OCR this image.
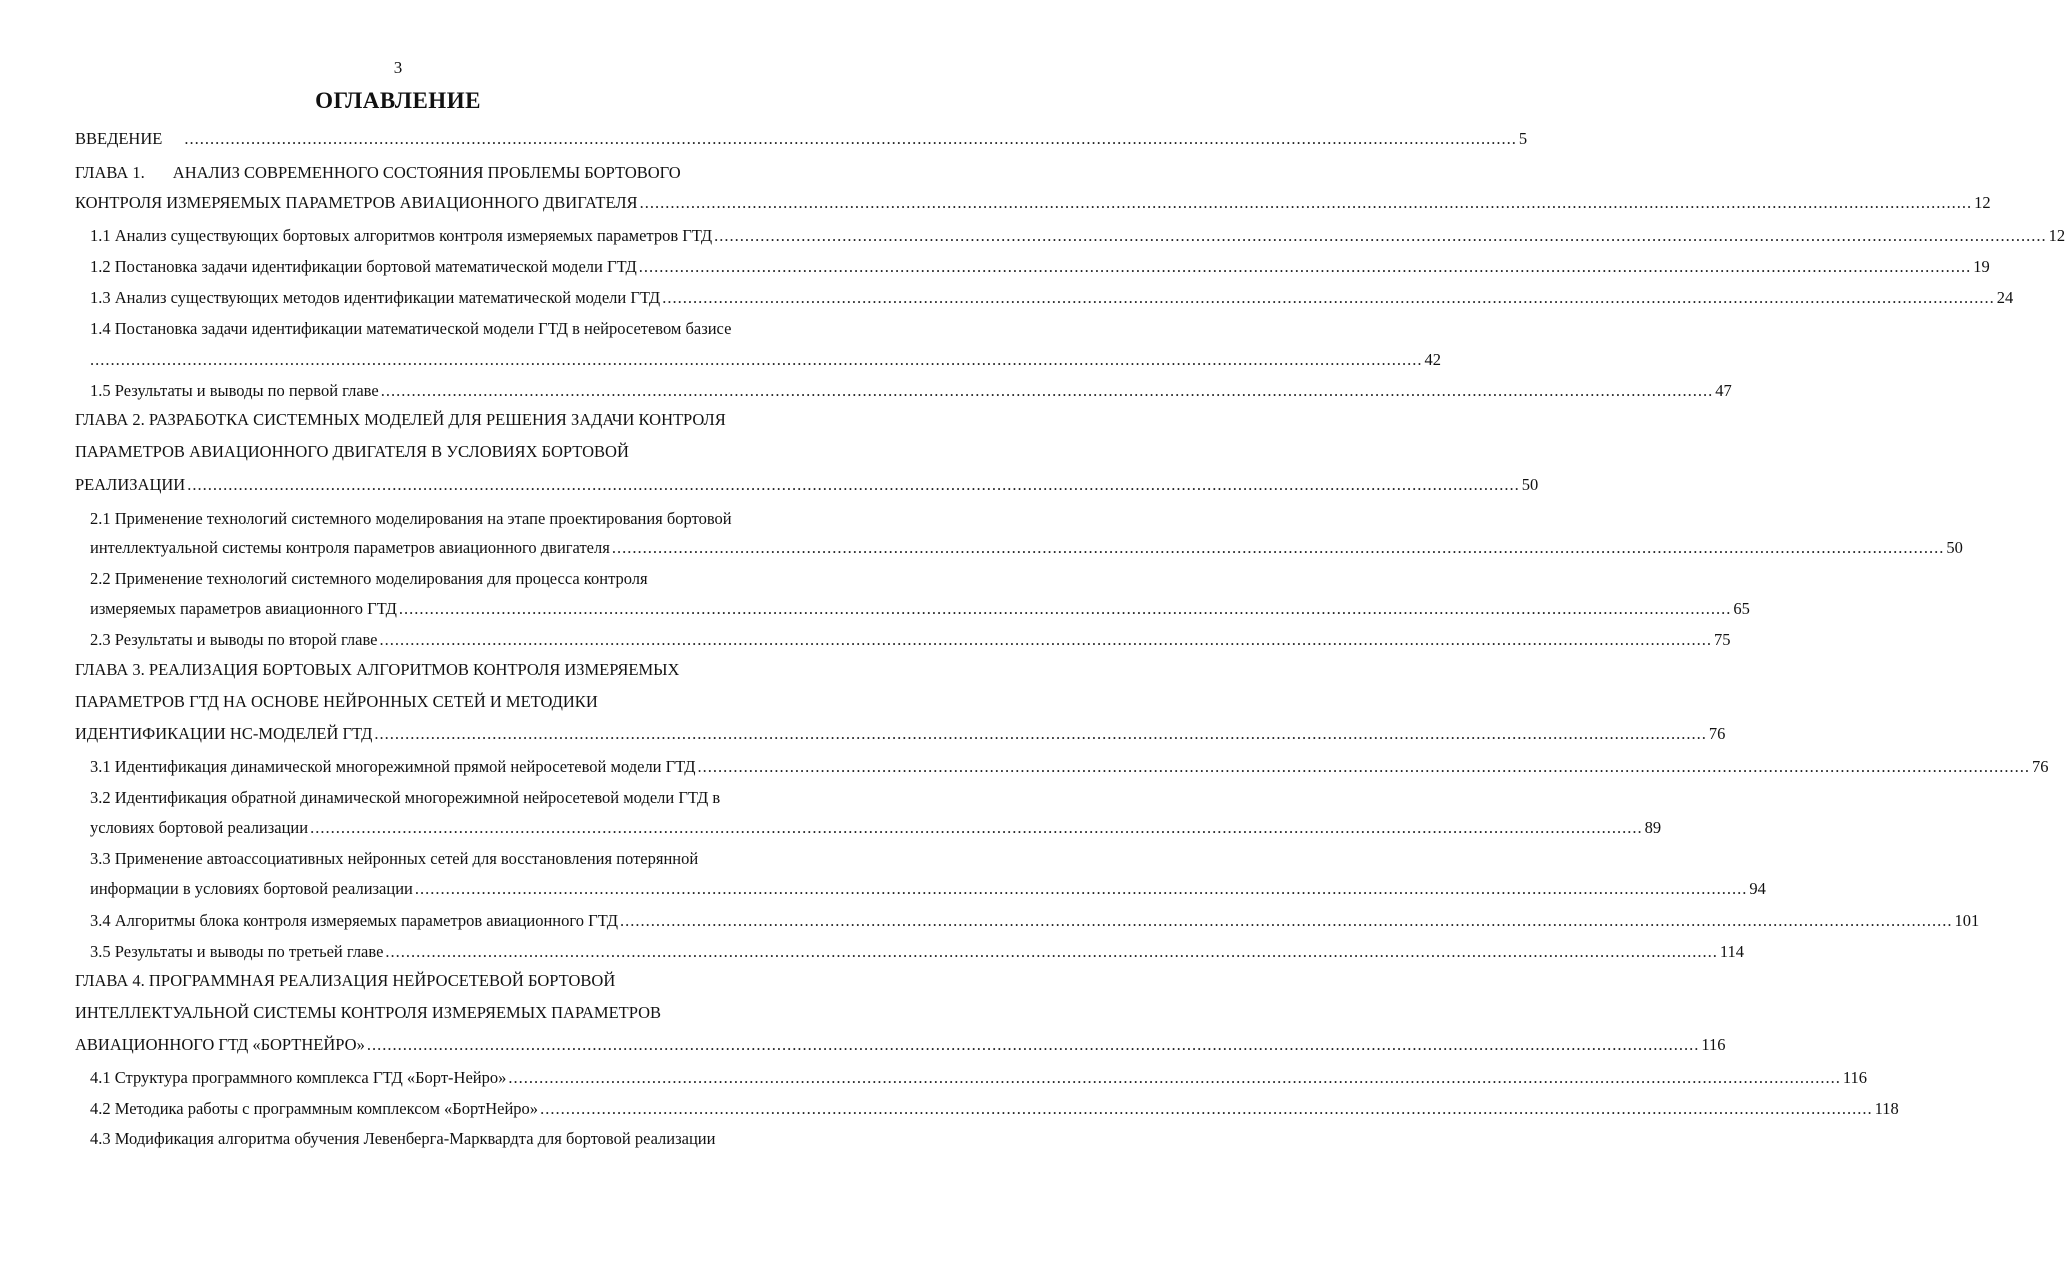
3
ОГЛАВЛЕНИЕ
ВВЕДЕНИЕ .................................................................................................................................................................................................................................................................... 5
ГЛАВА 1. АНАЛИЗ СОВРЕМЕННОГО СОСТОЯНИЯ ПРОБЛЕМЫ БОРТОВОГО
КОНТРОЛЯ ИЗМЕРЯЕМЫХ ПАРАМЕТРОВ АВИАЦИОННОГО ДВИГАТЕЛЯ .................................................................................................................................................................................................................................................................... 12
1.1 Анализ существующих бортовых алгоритмов контроля измеряемых параметров ГТД .................................................................................................................................................................................................................................................................... 12
1.2 Постановка задачи идентификации бортовой математической модели ГТД .................................................................................................................................................................................................................................................................... 19
1.3 Анализ существующих методов идентификации математической модели ГТД .................................................................................................................................................................................................................................................................... 24
1.4 Постановка задачи идентификации математической модели ГТД в нейросетевом базисе
.................................................................................................................................................................................................................................................................... 42
1.5 Результаты и выводы по первой главе .................................................................................................................................................................................................................................................................... 47
ГЛАВА 2. РАЗРАБОТКА СИСТЕМНЫХ МОДЕЛЕЙ ДЛЯ РЕШЕНИЯ ЗАДАЧИ КОНТРОЛЯ
ПАРАМЕТРОВ АВИАЦИОННОГО ДВИГАТЕЛЯ В УСЛОВИЯХ БОРТОВОЙ
РЕАЛИЗАЦИИ .................................................................................................................................................................................................................................................................... 50
2.1 Применение технологий системного моделирования на этапе проектирования бортовой
интеллектуальной системы контроля параметров авиационного двигателя .................................................................................................................................................................................................................................................................... 50
2.2 Применение технологий системного моделирования для процесса контроля
измеряемых параметров авиационного ГТД .................................................................................................................................................................................................................................................................... 65
2.3 Результаты и выводы по второй главе .................................................................................................................................................................................................................................................................... 75
ГЛАВА 3. РЕАЛИЗАЦИЯ БОРТОВЫХ АЛГОРИТМОВ КОНТРОЛЯ ИЗМЕРЯЕМЫХ
ПАРАМЕТРОВ ГТД НА ОСНОВЕ НЕЙРОННЫХ СЕТЕЙ И МЕТОДИКИ
ИДЕНТИФИКАЦИИ НС-МОДЕЛЕЙ ГТД .................................................................................................................................................................................................................................................................... 76
3.1 Идентификация динамической многорежимной прямой нейросетевой модели ГТД .................................................................................................................................................................................................................................................................... 76
3.2 Идентификация обратной динамической многорежимной нейросетевой модели ГТД в
условиях бортовой реализации .................................................................................................................................................................................................................................................................... 89
3.3 Применение автоассоциативных нейронных сетей для восстановления потерянной
информации в условиях бортовой реализации .................................................................................................................................................................................................................................................................... 94
3.4 Алгоритмы блока контроля измеряемых параметров авиационного ГТД .................................................................................................................................................................................................................................................................... 101
3.5 Результаты и выводы по третьей главе .................................................................................................................................................................................................................................................................... 114
ГЛАВА 4. ПРОГРАММНАЯ РЕАЛИЗАЦИЯ НЕЙРОСЕТЕВОЙ БОРТОВОЙ
ИНТЕЛЛЕКТУАЛЬНОЙ СИСТЕМЫ КОНТРОЛЯ ИЗМЕРЯЕМЫХ ПАРАМЕТРОВ
АВИАЦИОННОГО ГТД «БОРТНЕЙРО» .................................................................................................................................................................................................................................................................... 116
4.1 Структура программного комплекса ГТД «Борт-Нейро» .................................................................................................................................................................................................................................................................... 116
4.2 Методика работы с программным комплексом «БортНейро» .................................................................................................................................................................................................................................................................... 118
4.3 Модификация алгоритма обучения Левенберга-Марквардта для бортовой реализации
